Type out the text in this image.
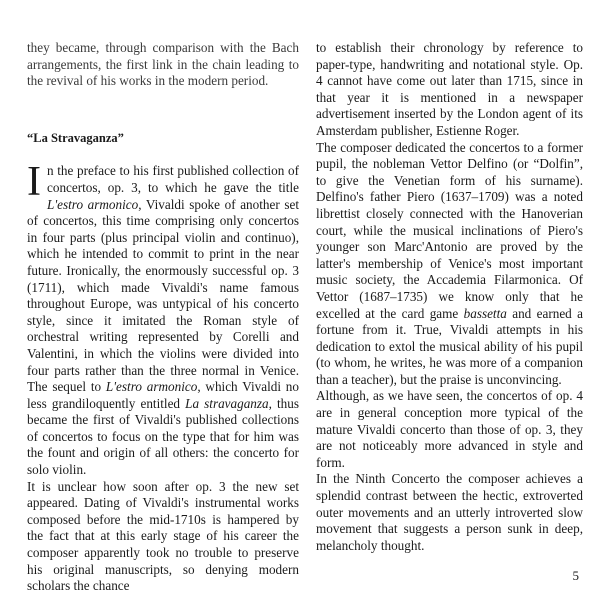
they became, through comparison with the Bach arrangements, the first link in the chain leading to the revival of his works in the modern period.

“La Stravaganza”

In the preface to his first published collection of concertos, op. 3, to which he gave the title L'estro armonico, Vivaldi spoke of another set of concertos, this time comprising only concertos in four parts (plus principal violin and continuo), which he intended to commit to print in the near future. Ironically, the enormously successful op. 3 (1711), which made Vivaldi's name famous throughout Europe, was untypical of his concerto style, since it imitated the Roman style of orchestral writing represented by Corelli and Valentini, in which the violins were divided into four parts rather than the three normal in Venice. The sequel to L'estro armonico, which Vivaldi no less grandiloquently entitled La stravaganza, thus became the first of Vivaldi's published collections of concertos to focus on the type that for him was the fount and origin of all others: the concerto for solo violin.

It is unclear how soon after op. 3 the new set appeared. Dating of Vivaldi's instrumental works composed before the mid-1710s is hampered by the fact that at this early stage of his career the composer apparently took no trouble to preserve his original manuscripts, so denying modern scholars the chance

to establish their chronology by reference to paper-type, handwriting and notational style. Op. 4 cannot have come out later than 1715, since in that year it is mentioned in a newspaper advertisement inserted by the London agent of its Amsterdam publisher, Estienne Roger.

The composer dedicated the concertos to a former pupil, the nobleman Vettor Delfino (or “Dolfin”, to give the Venetian form of his surname). Delfino's father Piero (1637–1709) was a noted librettist closely connected with the Hanoverian court, while the musical inclinations of Piero's younger son Marc'Antonio are proved by the latter's membership of Venice's most important music society, the Accademia Filarmonica. Of Vettor (1687–1735) we know only that he excelled at the card game bassetta and earned a fortune from it. True, Vivaldi attempts in his dedication to extol the musical ability of his pupil (to whom, he writes, he was more of a companion than a teacher), but the praise is unconvincing.

Although, as we have seen, the concertos of op. 4 are in general conception more typical of the mature Vivaldi concerto than those of op. 3, they are not noticeably more advanced in style and form.

In the Ninth Concerto the composer achieves a splendid contrast between the hectic, extroverted outer movements and an utterly introverted slow movement that suggests a person sunk in deep, melancholy thought.

5
